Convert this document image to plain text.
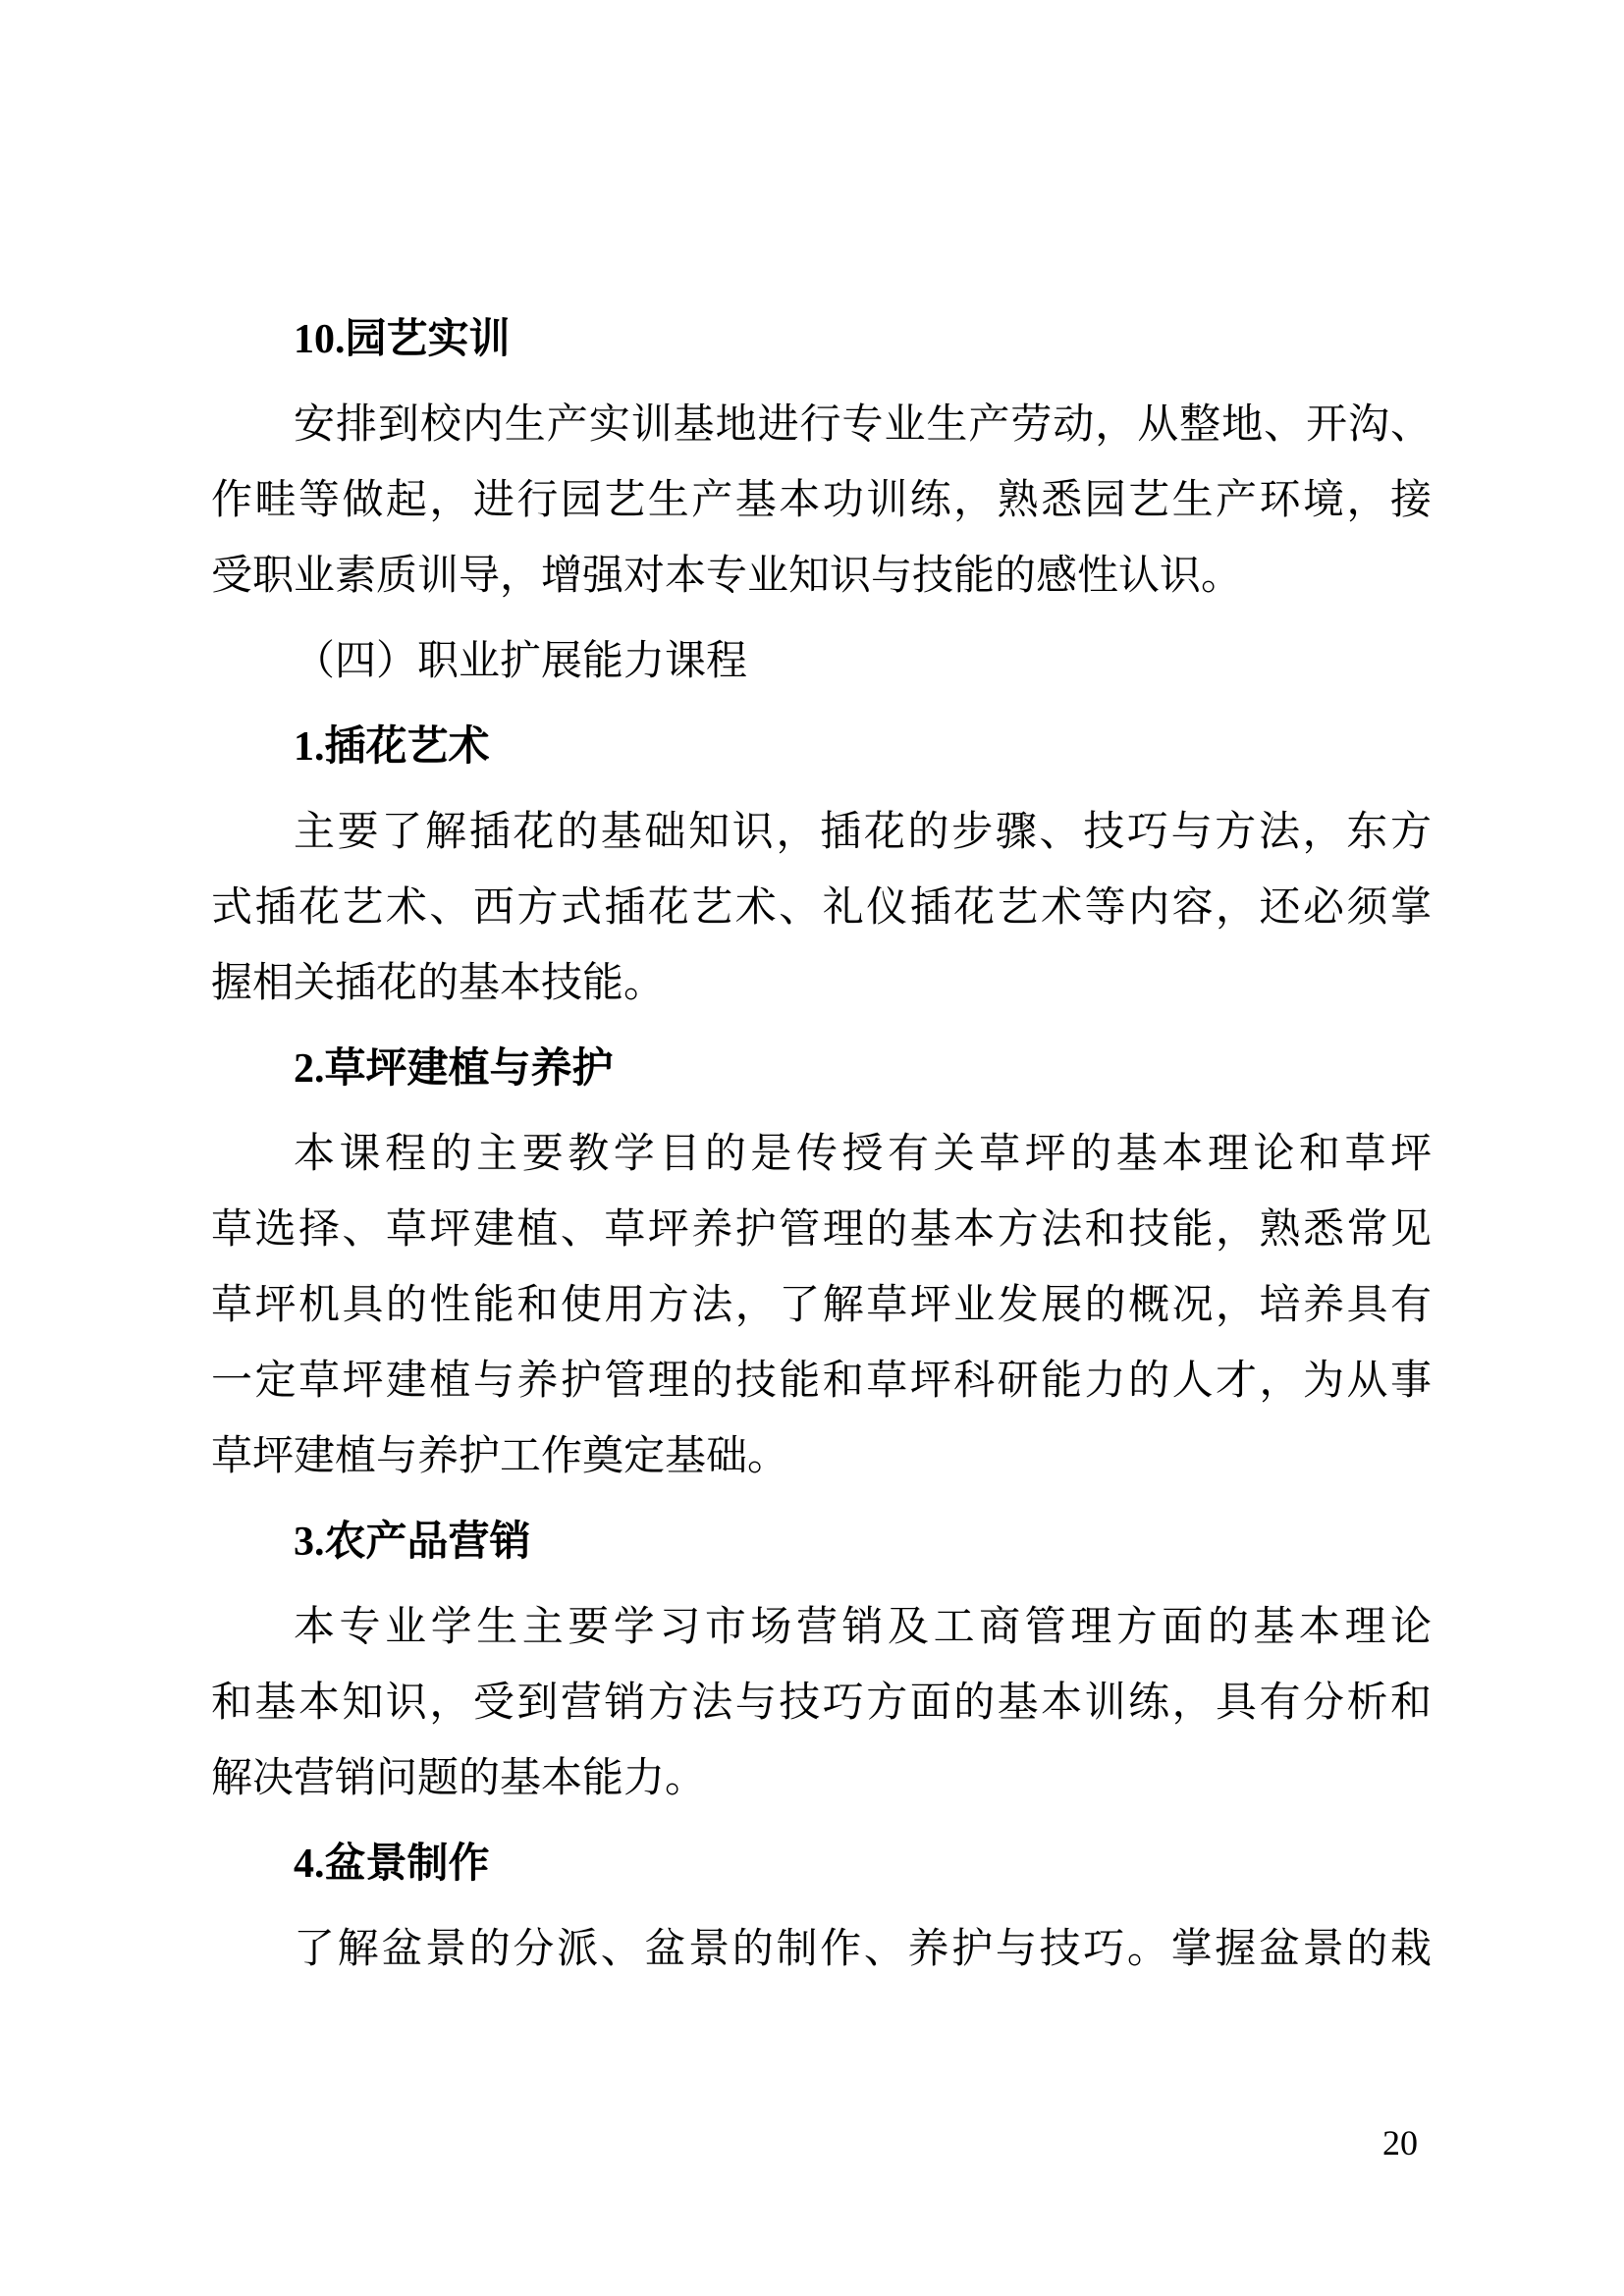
10.园艺实训
安排到校内生产实训基地进行专业生产劳动，从整地、开沟、
作畦等做起，进行园艺生产基本功训练，熟悉园艺生产环境，接
受职业素质训导，增强对本专业知识与技能的感性认识。
（四）职业扩展能力课程
1.插花艺术
主要了解插花的基础知识，插花的步骤、技巧与方法，东方
式插花艺术、西方式插花艺术、礼仪插花艺术等内容，还必须掌
握相关插花的基本技能。
2.草坪建植与养护
本课程的主要教学目的是传授有关草坪的基本理论和草坪
草选择、草坪建植、草坪养护管理的基本方法和技能，熟悉常见
草坪机具的性能和使用方法，了解草坪业发展的概况，培养具有
一定草坪建植与养护管理的技能和草坪科研能力的人才，为从事
草坪建植与养护工作奠定基础。
3.农产品营销
本专业学生主要学习市场营销及工商管理方面的基本理论
和基本知识，受到营销方法与技巧方面的基本训练，具有分析和
解决营销问题的基本能力。
4.盆景制作
了解盆景的分派、盆景的制作、养护与技巧。掌握盆景的栽
20
